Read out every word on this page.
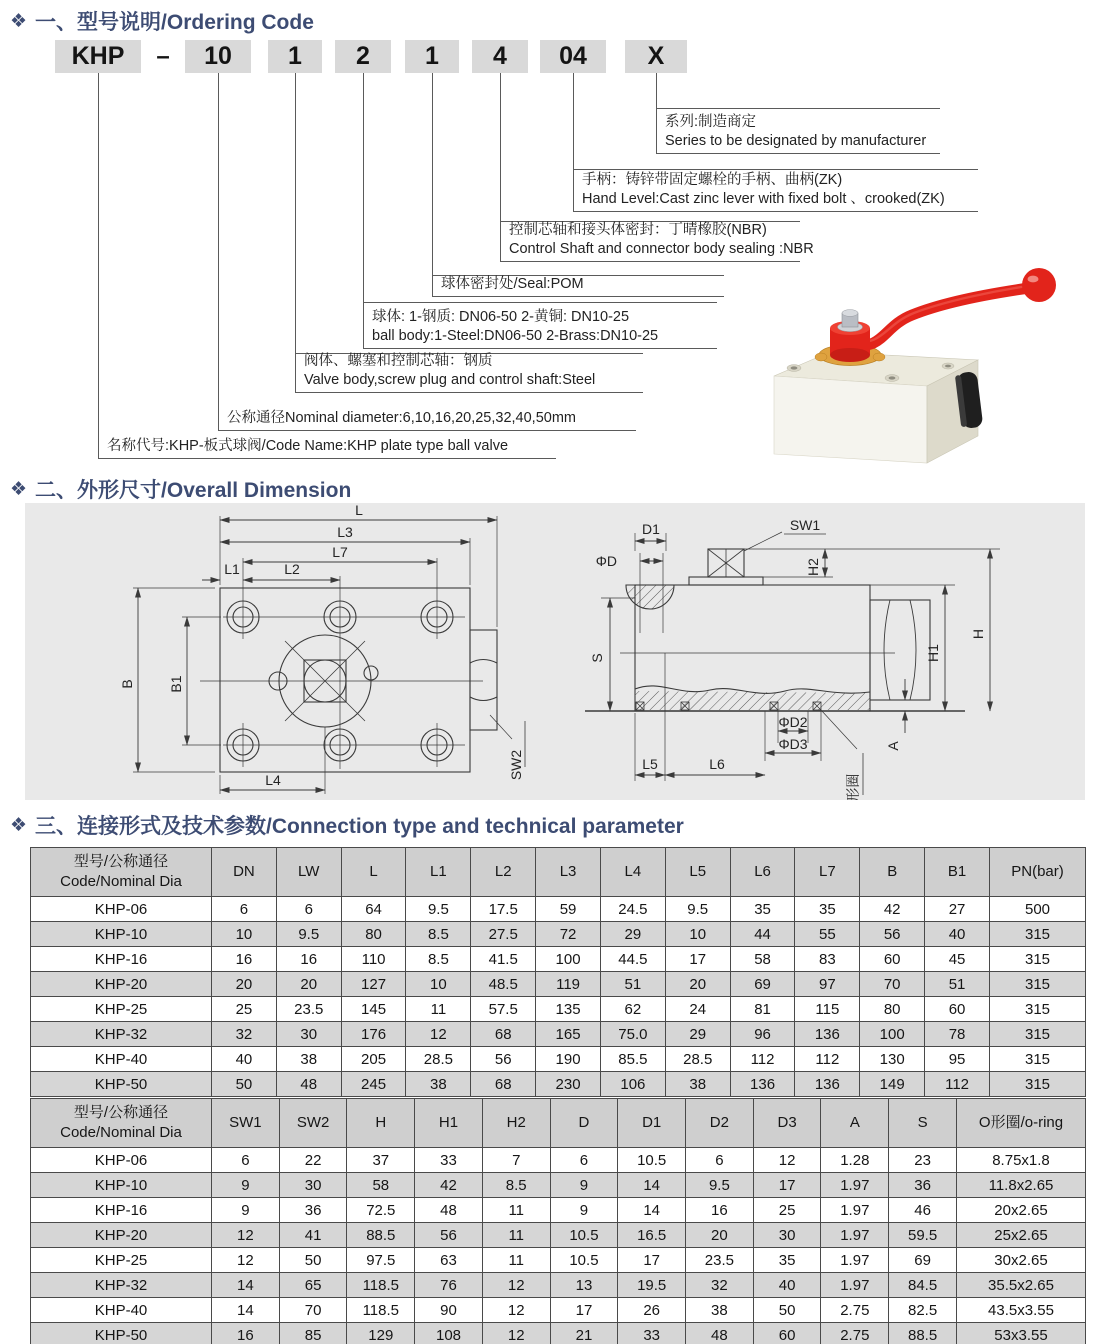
❖ 一、型号说明/Ordering Code
KHP	–	10	1	2	1	4	04	X
系列:制造商定
Series to be designated by manufacturer
手柄：铸锌带固定螺栓的手柄、曲柄(ZK)
Hand Level:Cast zinc lever with fixed bolt 、crooked(ZK)
控制芯轴和接头体密封：丁晴橡胶(NBR)
Control Shaft and connector body sealing :NBR
球体密封处/Seal:POM
球体: 1-钢质: DN06-50 2-黄铜: DN10-25
ball body:1-Steel:DN06-50 2-Brass:DN10-25
阀体、螺塞和控制芯轴：钢质
Valve body,screw plug and control shaft:Steel
公称通径Nominal diameter:6,10,16,20,25,32,40,50mm
名称代号:KHP-板式球阀/Code Name:KHP plate type ball valve
❖ 二、外形尺寸/Overall Dimension
L
L3
L7
L1	L2
B B1
L4	SW2
D1
ΦD
SW1
H2
S	H1
H
A
ΦD2
ΦD3
L5	L6
O形圈
❖ 三、连接形式及技术参数/Connection type and technical parameter
型号/公称通径
Code/Nominal Dia	DN	LW	L	L1	L2	L3	L4	L5	L6	L7	B	B1	PN(bar)
KHP-06	6	6	64	9.5	17.5	59	24.5	9.5	35	35	42	27	500
KHP-10	10	9.5	80	8.5	27.5	72	29	10	44	55	56	40	315
KHP-16	16	16	110	8.5	41.5	100	44.5	17	58	83	60	45	315
KHP-20	20	20	127	10	48.5	119	51	20	69	97	70	51	315
KHP-25	25	23.5	145	11	57.5	135	62	24	81	115	80	60	315
KHP-32	32	30	176	12	68	165	75.0	29	96	136	100	78	315
KHP-40	40	38	205	28.5	56	190	85.5	28.5	112	112	130	95	315
KHP-50	50	48	245	38	68	230	106	38	136	136	149	112	315
型号/公称通径
Code/Nominal Dia	SW1	SW2	H	H1	H2	D	D1	D2	D3	A	S	O形圈/o-ring
KHP-06	6	22	37	33	7	6	10.5	6	12	1.28	23	8.75x1.8
KHP-10	9	30	58	42	8.5	9	14	9.5	17	1.97	36	11.8x2.65
KHP-16	9	36	72.5	48	11	9	14	16	25	1.97	46	20x2.65
KHP-20	12	41	88.5	56	11	10.5	16.5	20	30	1.97	59.5	25x2.65
KHP-25	12	50	97.5	63	11	10.5	17	23.5	35	1.97	69	30x2.65
KHP-32	14	65	118.5	76	12	13	19.5	32	40	1.97	84.5	35.5x2.65
KHP-40	14	70	118.5	90	12	17	26	38	50	2.75	82.5	43.5x3.55
KHP-50	16	85	129	108	12	21	33	48	60	2.75	88.5	53x3.55
